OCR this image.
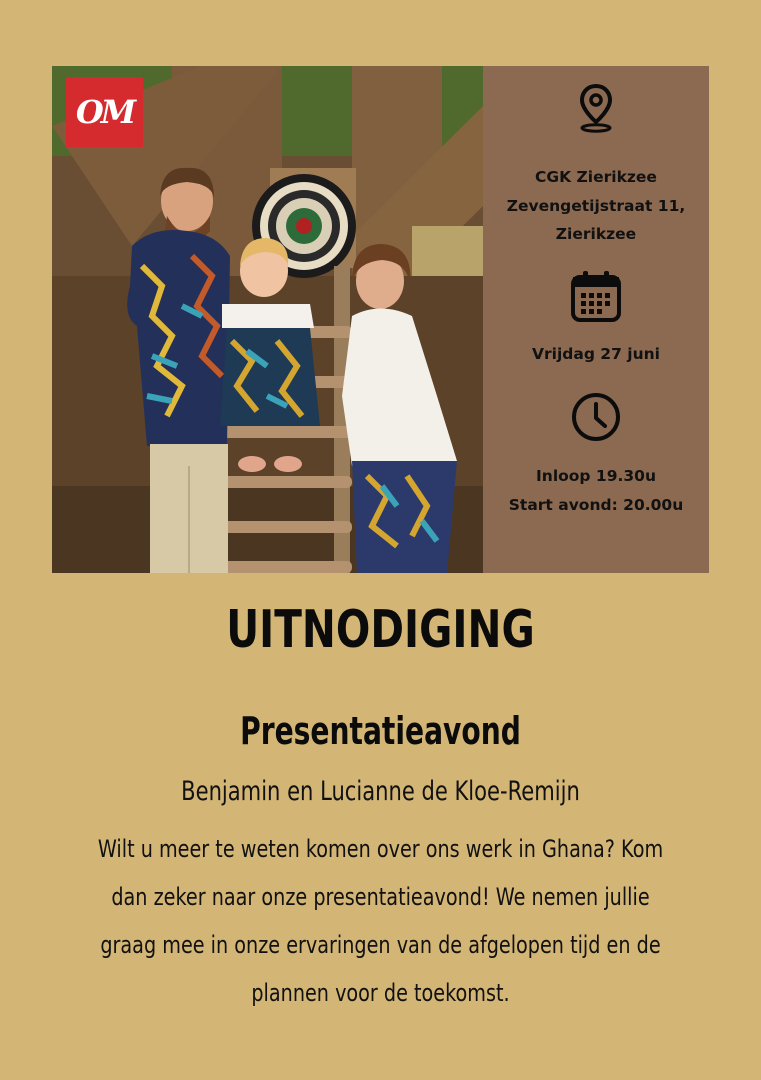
OM
CGK Zierikzee
Zevengetijstraat 11,
Zierikzee
Vrijdag 27 juni
Inloop 19.30u
Start avond: 20.00u
UITNODIGING
Presentatieavond
Benjamin en Lucianne de Kloe-Remijn
Wilt u meer te weten komen over ons werk in Ghana? Kom
dan zeker naar onze presentatieavond! We nemen jullie
graag mee in onze ervaringen van de afgelopen tijd en de
plannen voor de toekomst.
